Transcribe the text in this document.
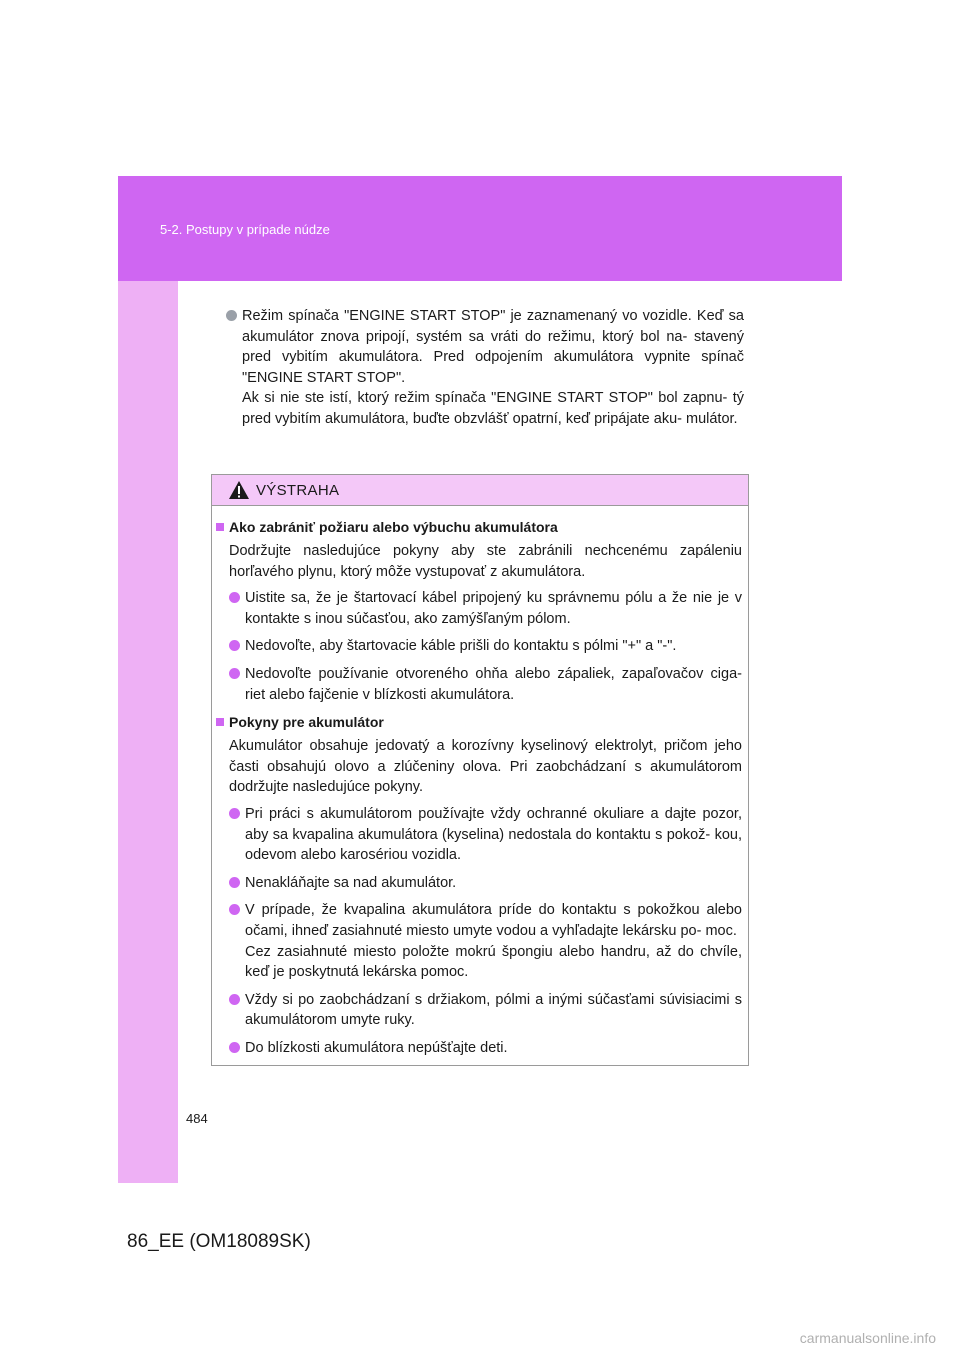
5-2. Postupy v prípade núdze

Režim spínača "ENGINE START STOP" je zaznamenaný vo vozidle. Keď sa akumulátor znova pripojí, systém sa vráti do režimu, ktorý bol na- stavený pred vybitím akumulátora. Pred odpojením akumulátora vypnite spínač "ENGINE START STOP".

Ak si nie ste istí, ktorý režim spínača "ENGINE START STOP" bol zapnu- tý pred vybitím akumulátora, buďte obzvlášť opatrní, keď pripájate aku- mulátor.

VÝSTRAHA
Ako zabrániť požiaru alebo výbuchu akumulátora
Dodržujte nasledujúce pokyny aby ste zabránili nechcenému zapáleniu horľavého plynu, ktorý môže vystupovať z akumulátora.

Uistite sa, že je štartovací kábel pripojený ku správnemu pólu a že nie je v kontakte s inou súčasťou, ako zamýšľaným pólom.

Nedovoľte, aby štartovacie káble prišli do kontaktu s pólmi "+" a "-".

Nedovoľte používanie otvoreného ohňa alebo zápaliek, zapaľovačov ciga- riet alebo fajčenie v blízkosti akumulátora.

Pokyny pre akumulátor
Akumulátor obsahuje jedovatý a korozívny kyselinový elektrolyt, pričom jeho časti obsahujú olovo a zlúčeniny olova. Pri zaobchádzaní s akumulátorom dodržujte nasledujúce pokyny.

Pri práci s akumulátorom používajte vždy ochranné okuliare a dajte pozor, aby sa kvapalina akumulátora (kyselina) nedostala do kontaktu s pokož- kou, odevom alebo karosériou vozidla.

Nenakláňajte sa nad akumulátor.

V prípade, že kvapalina akumulátora príde do kontaktu s pokožkou alebo očami, ihneď zasiahnuté miesto umyte vodou a vyhľadajte lekársku po- moc.

Cez zasiahnuté miesto položte mokrú špongiu alebo handru, až do chvíle, keď je poskytnutá lekárska pomoc.

Vždy si po zaobchádzaní s držiakom, pólmi a inými súčasťami súvisiacimi s akumulátorom umyte ruky.

Do blízkosti akumulátora nepúšťajte deti.

484
86_EE (OM18089SK)
carmanualsonline.info
